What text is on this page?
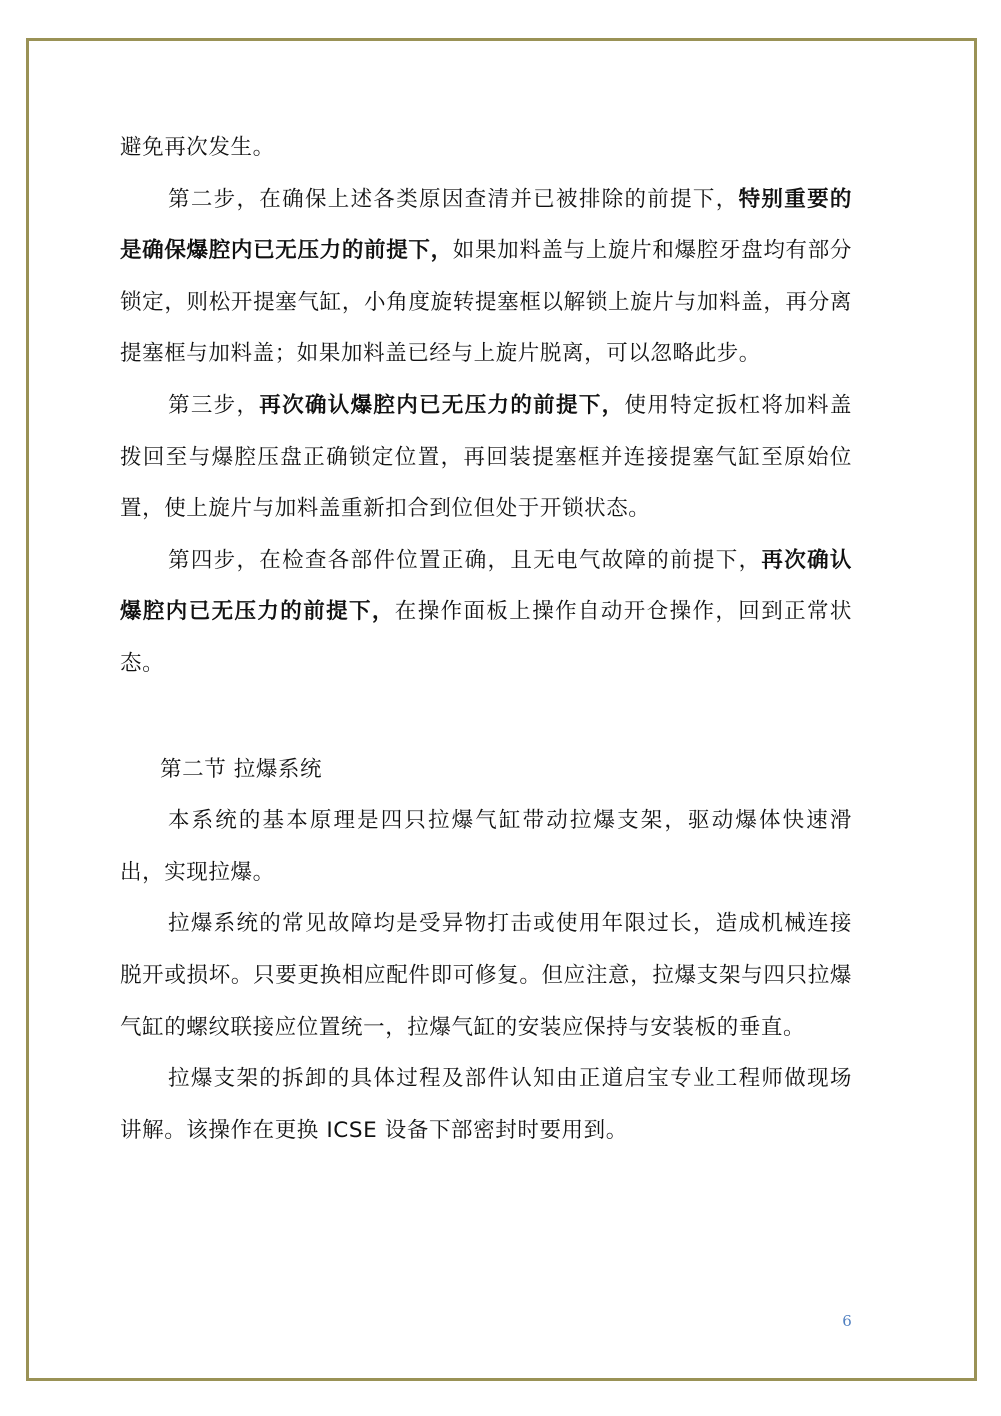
避免再次发生。

第二步，在确保上述各类原因查清并已被排除的前提下，特别重要的是确保爆腔内已无压力的前提下，如果加料盖与上旋片和爆腔牙盘均有部分锁定，则松开提塞气缸，小角度旋转提塞框以解锁上旋片与加料盖，再分离提塞框与加料盖；如果加料盖已经与上旋片脱离，可以忽略此步。

第三步，再次确认爆腔内已无压力的前提下，使用特定扳杠将加料盖拨回至与爆腔压盘正确锁定位置，再回装提塞框并连接提塞气缸至原始位置，使上旋片与加料盖重新扣合到位但处于开锁状态。

第四步，在检查各部件位置正确，且无电气故障的前提下，再次确认爆腔内已无压力的前提下，在操作面板上操作自动开仓操作，回到正常状态。

第二节 拉爆系统

本系统的基本原理是四只拉爆气缸带动拉爆支架，驱动爆体快速滑出，实现拉爆。

拉爆系统的常见故障均是受异物打击或使用年限过长，造成机械连接脱开或损坏。只要更换相应配件即可修复。但应注意，拉爆支架与四只拉爆气缸的螺纹联接应位置统一，拉爆气缸的安装应保持与安装板的垂直。

拉爆支架的拆卸的具体过程及部件认知由正道启宝专业工程师做现场讲解。该操作在更换 ICSE 设备下部密封时要用到。

6
